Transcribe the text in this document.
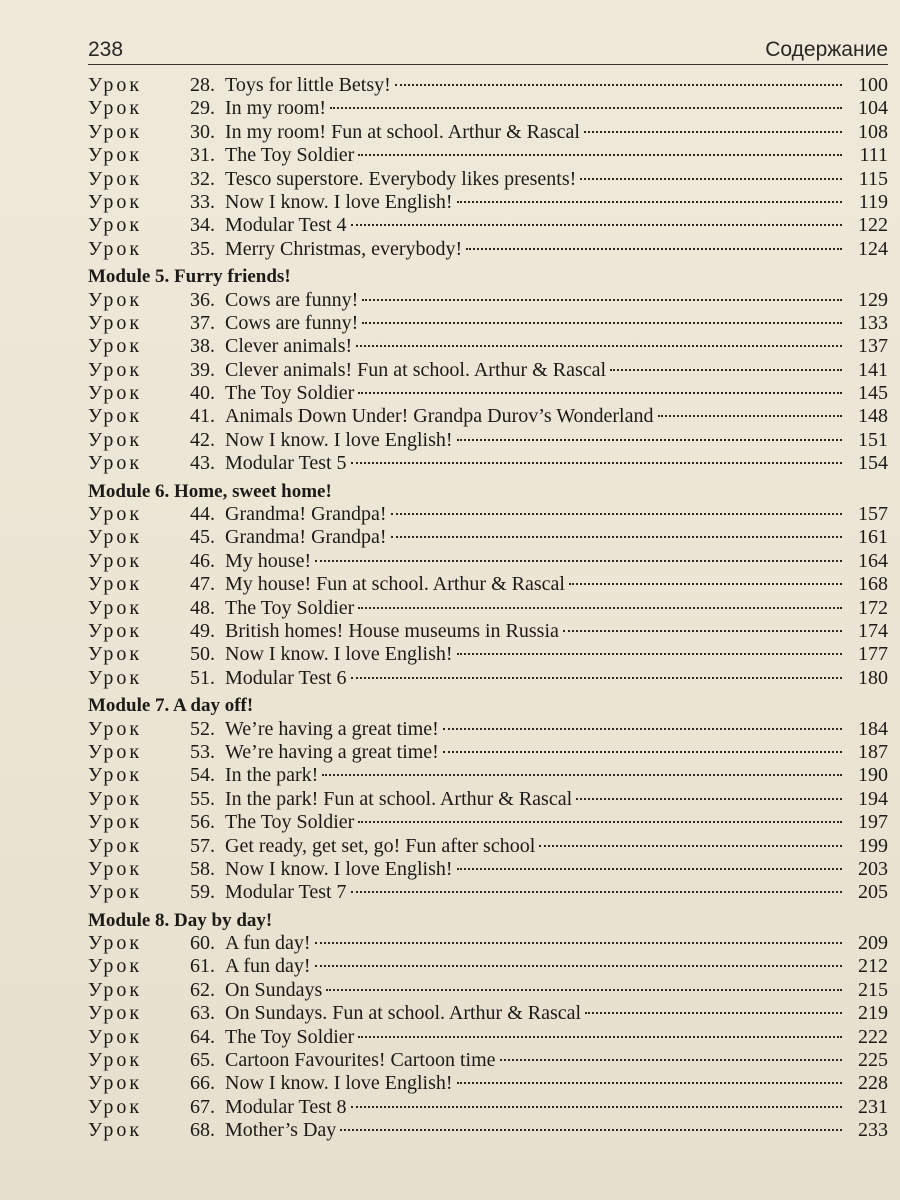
238	Содержание
Урок	28. Toys for little Betsy!	100
Урок	29. In my room!	104
Урок	30. In my room! Fun at school. Arthur & Rascal	108
Урок	31. The Toy Soldier	111
Урок	32. Tesco superstore. Everybody likes presents!	115
Урок	33. Now I know. I love English!	119
Урок	34. Modular Test 4	122
Урок	35. Merry Christmas, everybody!	124
Module 5. Furry friends!
Урок	36. Cows are funny!	129
Урок	37. Cows are funny!	133
Урок	38. Clever animals!	137
Урок	39. Clever animals! Fun at school. Arthur & Rascal	141
Урок	40. The Toy Soldier	145
Урок	41. Animals Down Under! Grandpa Durov’s Wonderland	148
Урок	42. Now I know. I love English!	151
Урок	43. Modular Test 5	154
Module 6. Home, sweet home!
Урок	44. Grandma! Grandpa!	157
Урок	45. Grandma! Grandpa!	161
Урок	46. My house!	164
Урок	47. My house! Fun at school. Arthur & Rascal	168
Урок	48. The Toy Soldier	172
Урок	49. British homes! House museums in Russia	174
Урок	50. Now I know. I love English!	177
Урок	51. Modular Test 6	180
Module 7. A day off!
Урок	52. We’re having a great time!	184
Урок	53. We’re having a great time!	187
Урок	54. In the park!	190
Урок	55. In the park! Fun at school. Arthur & Rascal	194
Урок	56. The Toy Soldier	197
Урок	57. Get ready, get set, go! Fun after school	199
Урок	58. Now I know. I love English!	203
Урок	59. Modular Test 7	205
Module 8. Day by day!
Урок	60. A fun day!	209
Урок	61. A fun day!	212
Урок	62. On Sundays	215
Урок	63. On Sundays. Fun at school. Arthur & Rascal	219
Урок	64. The Toy Soldier	222
Урок	65. Cartoon Favourites! Cartoon time	225
Урок	66. Now I know. I love English!	228
Урок	67. Modular Test 8	231
Урок	68. Mother’s Day	233
